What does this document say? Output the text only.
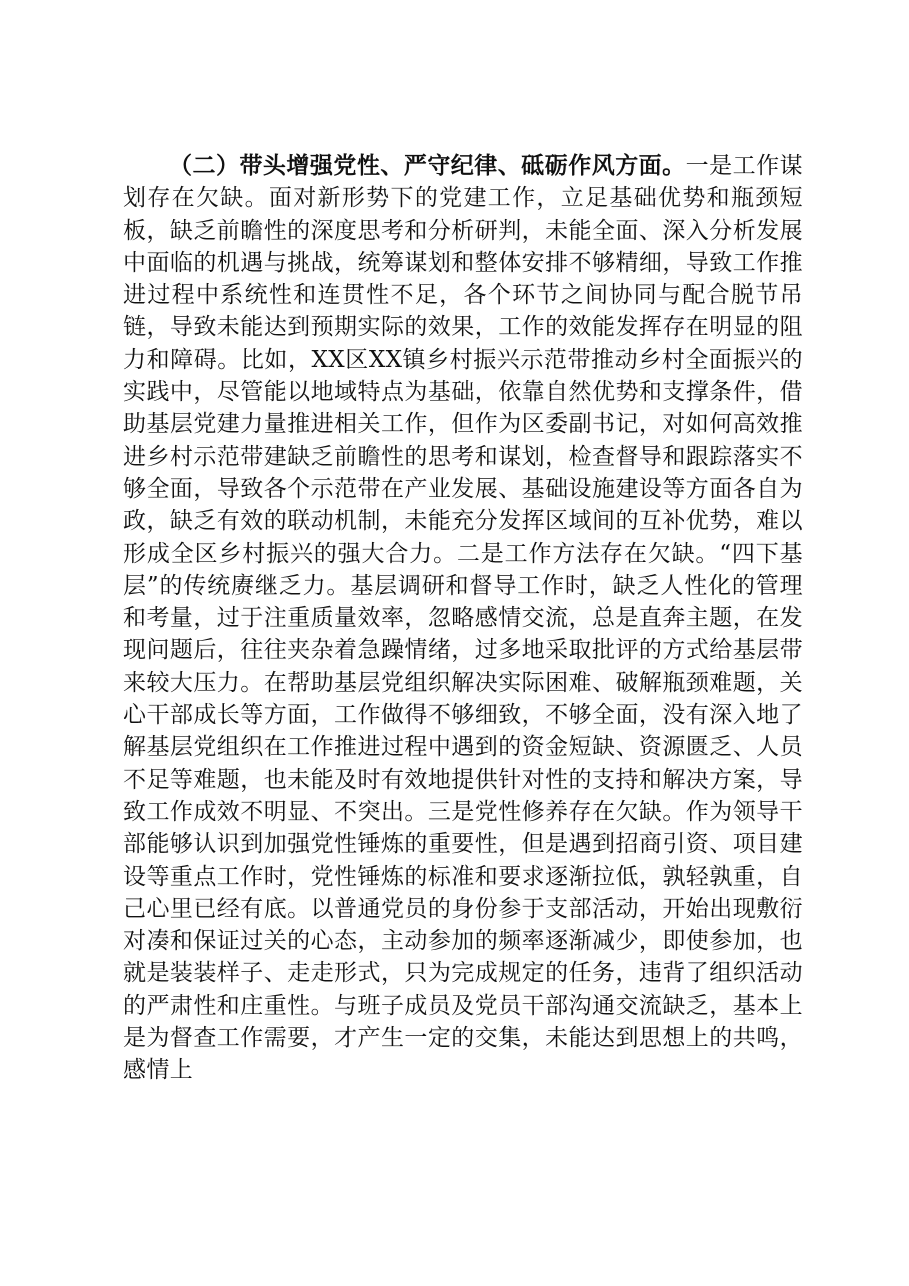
（二）带头增强党性、严守纪律、砥砺作风方面。一是工作谋划存在欠缺。面对新形势下的党建工作，立足基础优势和瓶颈短板，缺乏前瞻性的深度思考和分析研判，未能全面、深入分析发展中面临的机遇与挑战，统筹谋划和整体安排不够精细，导致工作推进过程中系统性和连贯性不足，各个环节之间协同与配合脱节吊链，导致未能达到预期实际的效果，工作的效能发挥存在明显的阻力和障碍。比如，XX区XX镇乡村振兴示范带推动乡村全面振兴的实践中，尽管能以地域特点为基础，依靠自然优势和支撑条件，借助基层党建力量推进相关工作，但作为区委副书记，对如何高效推进乡村示范带建缺乏前瞻性的思考和谋划，检查督导和跟踪落实不够全面，导致各个示范带在产业发展、基础设施建设等方面各自为政，缺乏有效的联动机制，未能充分发挥区域间的互补优势，难以形成全区乡村振兴的强大合力。二是工作方法存在欠缺。“四下基层”的传统赓继乏力。基层调研和督导工作时，缺乏人性化的管理和考量，过于注重质量效率，忽略感情交流，总是直奔主题，在发现问题后，往往夹杂着急躁情绪，过多地采取批评的方式给基层带来较大压力。在帮助基层党组织解决实际困难、破解瓶颈难题，关心干部成长等方面，工作做得不够细致，不够全面，没有深入地了解基层党组织在工作推进过程中遇到的资金短缺、资源匮乏、人员不足等难题，也未能及时有效地提供针对性的支持和解决方案，导致工作成效不明显、不突出。三是党性修养存在欠缺。作为领导干部能够认识到加强党性锤炼的重要性，但是遇到招商引资、项目建设等重点工作时，党性锤炼的标准和要求逐渐拉低，孰轻孰重，自己心里已经有底。以普通党员的身份参于支部活动，开始出现敷衍对凑和保证过关的心态，主动参加的频率逐渐减少，即使参加，也就是装装样子、走走形式，只为完成规定的任务，违背了组织活动的严肃性和庄重性。与班子成员及党员干部沟通交流缺乏，基本上是为督查工作需要，才产生一定的交集，未能达到思想上的共鸣，感情上
